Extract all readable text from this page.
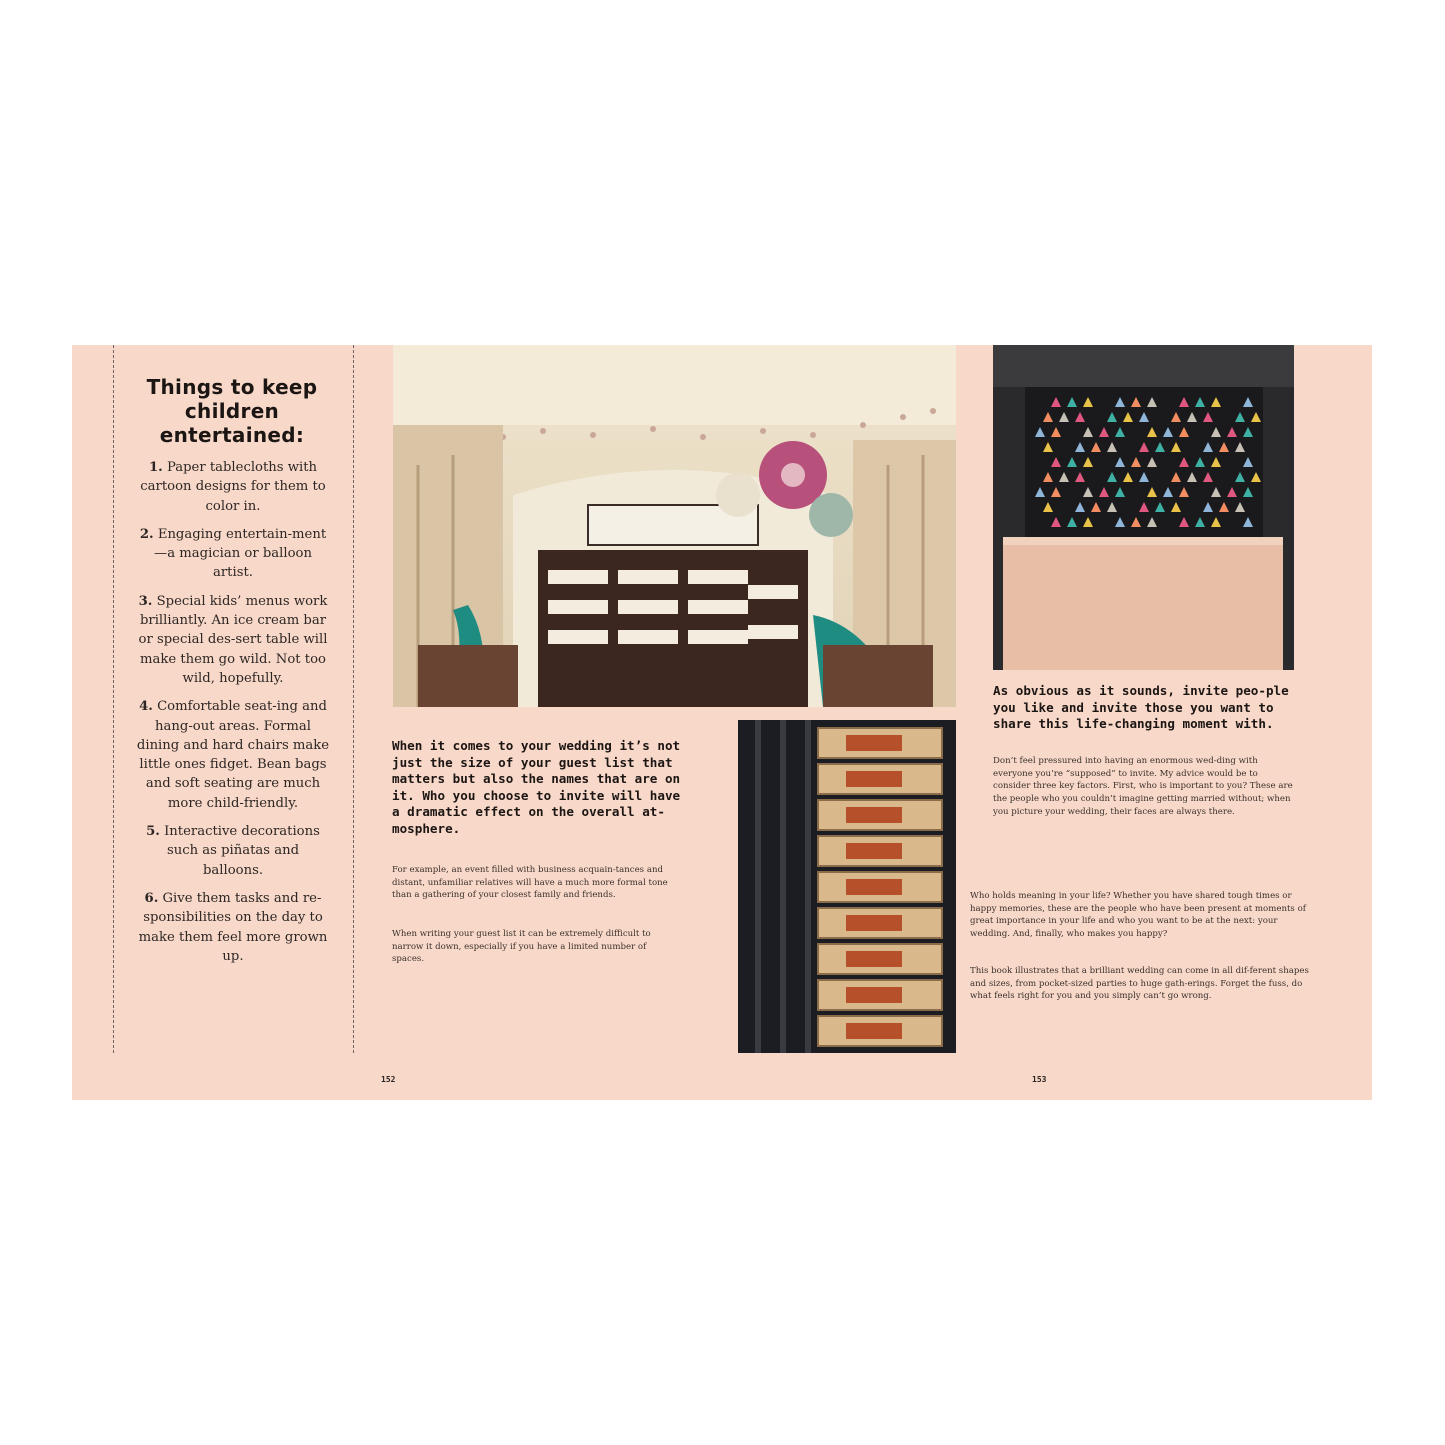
Things to keep children entertained:
1. Paper tablecloths with cartoon designs for them to color in.
2. Engaging entertain-ment—a magician or balloon artist.
3. Special kids’ menus work brilliantly. An ice cream bar or special des-sert table will make them go wild. Not too wild, hopefully.
4. Comfortable seat-ing and hang-out areas. Formal dining and hard chairs make little ones fidget. Bean bags and soft seating are much more child-friendly.
5. Interactive decorations such as piñatas and balloons.
6. Give them tasks and re-sponsibilities on the day to make them feel more grown up.
When it comes to your wedding it’s not just the size of your guest list that matters but also the names that are on it. Who you choose to invite will have a dramatic effect on the overall at-mosphere.
For example, an event filled with business acquain-tances and distant, unfamiliar relatives will have a much more formal tone than a gathering of your closest family and friends.
When writing your guest list it can be extremely difficult to narrow it down, especially if you have a limited number of spaces.
152
As obvious as it sounds, invite peo-ple you like and invite those you want to share this life-changing moment with.
Don’t feel pressured into having an enormous wed-ding with everyone you’re “supposed” to invite. My advice would be to consider three key factors. First, who is important to you? These are the people who you couldn’t imagine getting married without; when you picture your wedding, their faces are always there.
Who holds meaning in your life? Whether you have shared tough times or happy memories, these are the people who have been present at moments of great importance in your life and who you want to be at the next: your wedding. And, finally, who makes you happy?
This book illustrates that a brilliant wedding can come in all dif-ferent shapes and sizes, from pocket-sized parties to huge gath-erings. Forget the fuss, do what feels right for you and you simply can’t go wrong.
153
